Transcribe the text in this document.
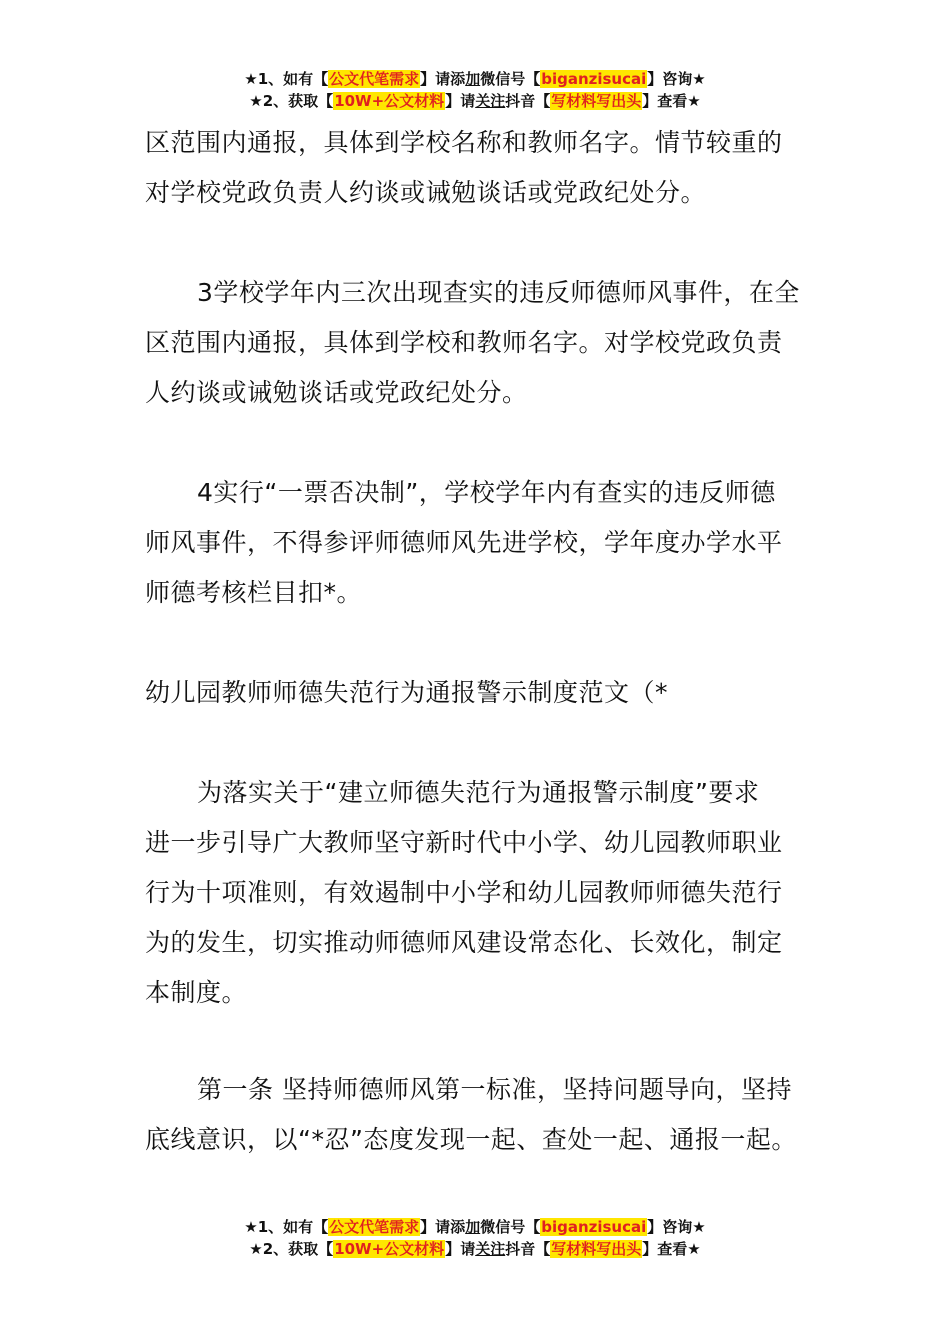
★1、如有【公文代笔需求】请添加微信号【biganzisucai】咨询★
★2、获取【10W+公文材料】请关注抖音【写材料写出头】查看★
区范围内通报，具体到学校名称和教师名字。情节较重的
对学校党政负责人约谈或诫勉谈话或党政纪处分。
3学校学年内三次出现查实的违反师德师风事件，在全
区范围内通报，具体到学校和教师名字。对学校党政负责
人约谈或诫勉谈话或党政纪处分。
4实行“一票否决制”，学校学年内有查实的违反师德
师风事件，不得参评师德师风先进学校，学年度办学水平
师德考核栏目扣*。
幼儿园教师师德失范行为通报警示制度范文（*
为落实关于“建立师德失范行为通报警示制度”要求
进一步引导广大教师坚守新时代中小学、幼儿园教师职业
行为十项准则，有效遏制中小学和幼儿园教师师德失范行
为的发生，切实推动师德师风建设常态化、长效化，制定
本制度。
第一条 坚持师德师风第一标准，坚持问题导向，坚持
底线意识，以“*忍”态度发现一起、查处一起、通报一起。
★1、如有【公文代笔需求】请添加微信号【biganzisucai】咨询★
★2、获取【10W+公文材料】请关注抖音【写材料写出头】查看★
